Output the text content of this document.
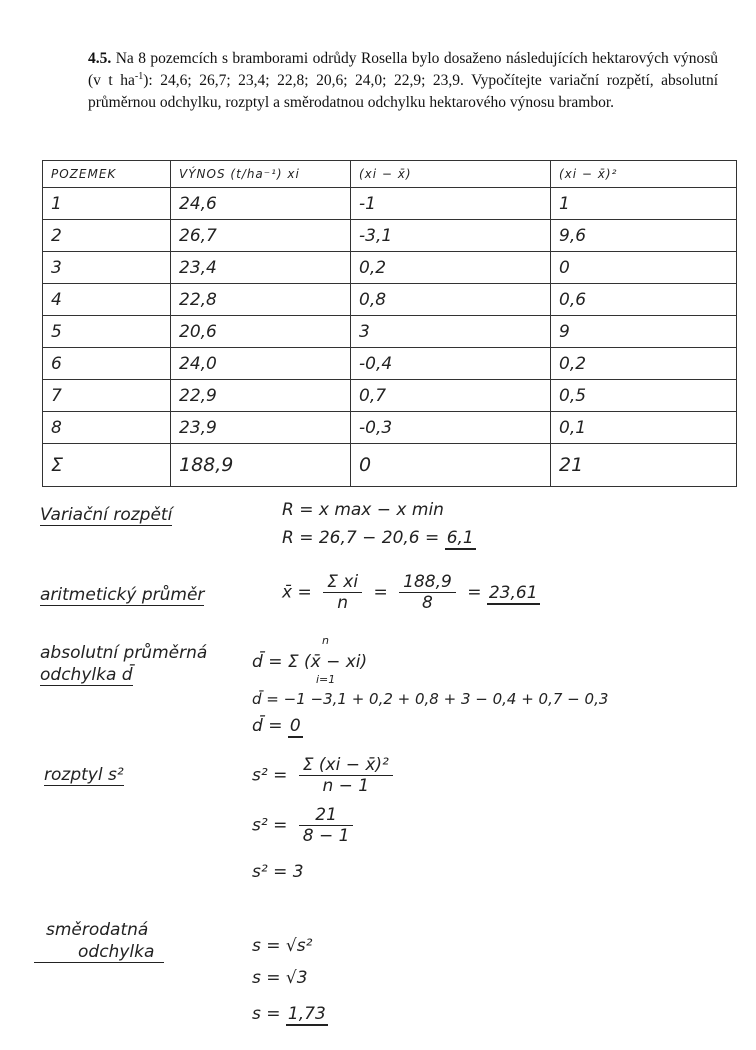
4.5. Na 8 pozemcích s bramborami odrůdy Rosella bylo dosaženo následujících hektarových výnosů (v t $ha^{-1}$): 24,6; 26,7; 23,4; 22,8; 20,6; 24,0; 22,9; 23,9. Vypočítejte variační rozpětí, absolutní průměrnou odchylku, rozptyl a směrodatnou odchylku hektarového výnosu brambor.
POZEMEK	VÝNOS (t/ha⁻¹) xi	(xi − x̄)	(xi − x̄)²
1	24,6	-1	1
2	26,7	-3,1	9,6
3	23,4	0,2	0
4	22,8	0,8	0,6
5	20,6	3	9
6	24,0	-0,4	0,2
7	22,9	0,7	0,5
8	23,9	-0,3	0,1
Σ	188,9	0	21
Variační rozpětí	R = x max − x min
R = 26,7 − 20,6 = 6,1
aritmetický průměr	x̄ = $\frac{\text{Σ xi}}{n} = \frac{188,9}{8} = 23,61$
absolutní průměrná
odchylka d̄
n
d̄ = Σ (x̄ − xi)
i=1
d̄ = −1 −3,1 + 0,2 + 0,8 + 3 − 0,4 + 0,7 − 0,3
d̄ = 0
rozptyl s²	$s^2 = \frac{\text{Σ (xi − x̄)²}}{n - 1}$
$s^2 = \frac{21}{8 - 1}$
s² = 3
směrodatná
odchylka	s = √s²
s = √3
s = 1,73
